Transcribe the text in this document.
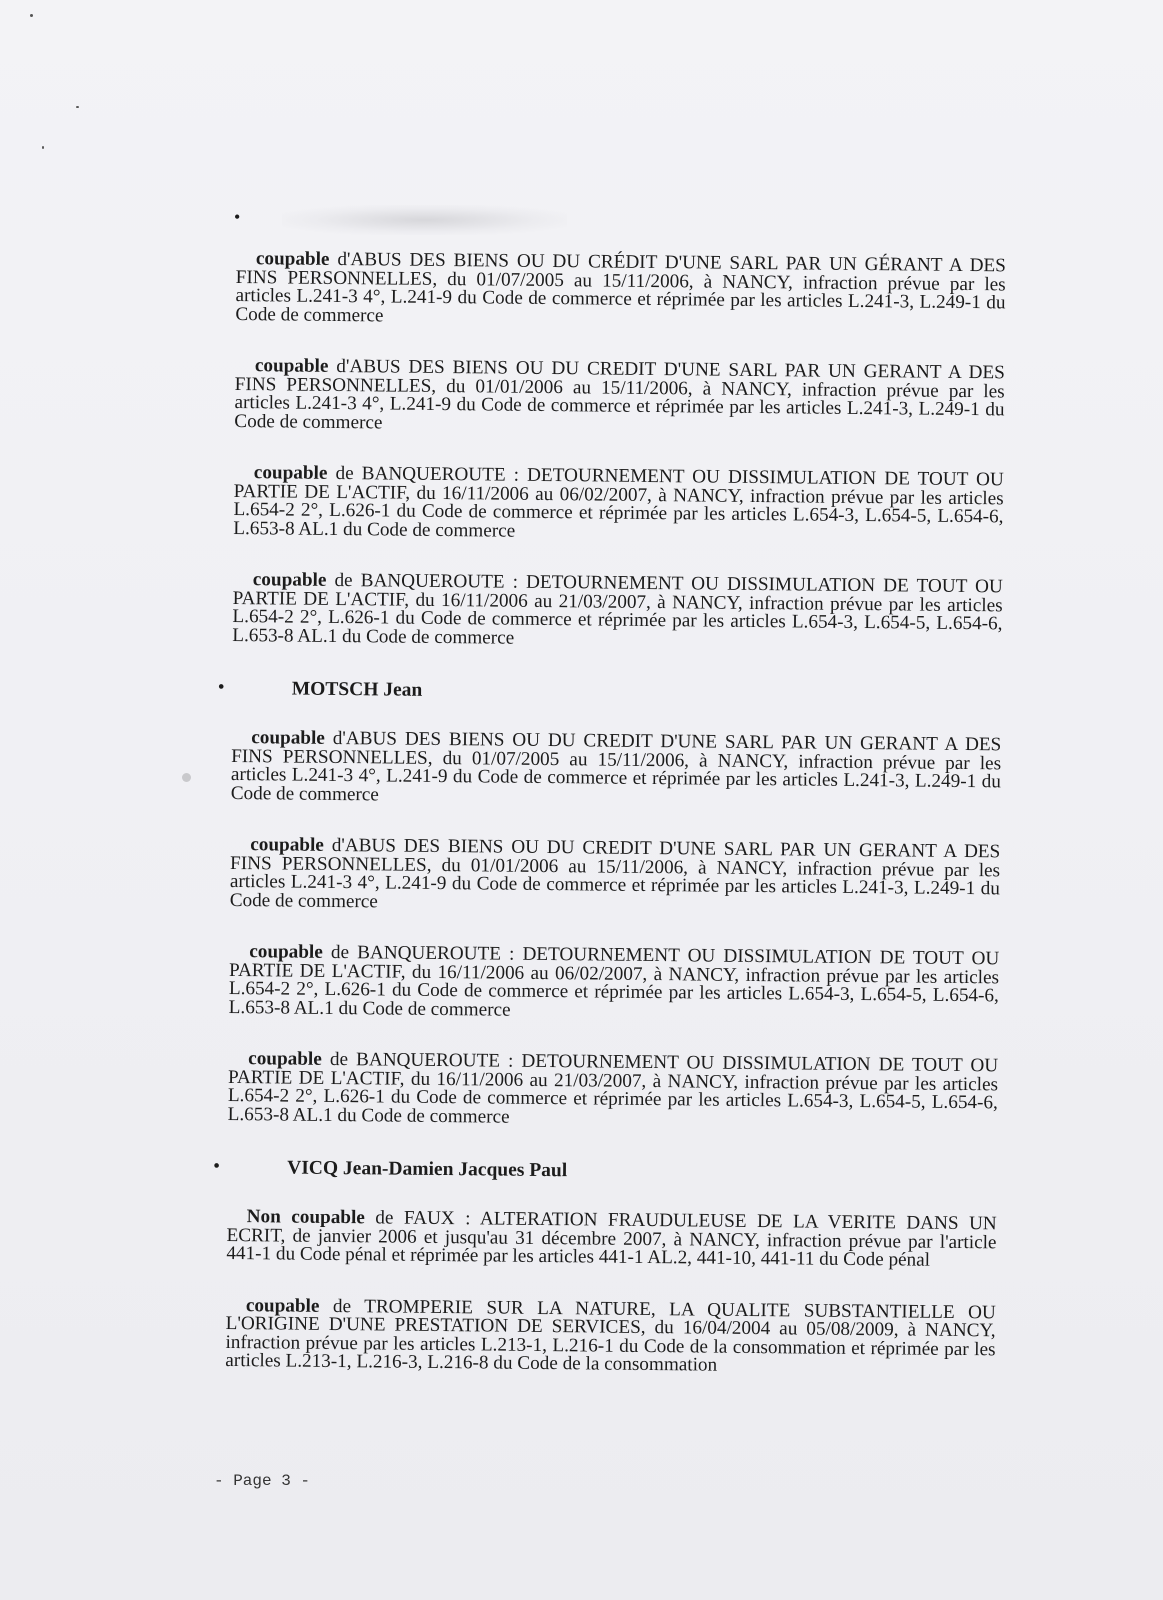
•
coupable d'ABUS DES BIENS OU DU CRÉDIT D'UNE SARL PAR UN GÉRANT A DES FINS PERSONNELLES, du 01/07/2005 au 15/11/2006, à NANCY, infraction prévue par les articles L.241-3 4°, L.241-9 du Code de commerce et réprimée par les articles L.241-3, L.249-1 du Code de commerce
coupable d'ABUS DES BIENS OU DU CREDIT D'UNE SARL PAR UN GERANT A DES FINS PERSONNELLES, du 01/01/2006 au 15/11/2006, à NANCY, infraction prévue par les articles L.241-3 4°, L.241-9 du Code de commerce et réprimée par les articles L.241-3, L.249-1 du Code de commerce
coupable de BANQUEROUTE : DETOURNEMENT OU DISSIMULATION DE TOUT OU PARTIE DE L'ACTIF, du 16/11/2006 au 06/02/2007, à NANCY, infraction prévue par les articles L.654-2 2°, L.626-1 du Code de commerce et réprimée par les articles L.654-3, L.654-5, L.654-6, L.653-8 AL.1 du Code de commerce
coupable de BANQUEROUTE : DETOURNEMENT OU DISSIMULATION DE TOUT OU PARTIE DE L'ACTIF, du 16/11/2006 au 21/03/2007, à NANCY, infraction prévue par les articles L.654-2 2°, L.626-1 du Code de commerce et réprimée par les articles L.654-3, L.654-5, L.654-6, L.653-8 AL.1 du Code de commerce
•	MOTSCH Jean
coupable d'ABUS DES BIENS OU DU CREDIT D'UNE SARL PAR UN GERANT A DES FINS PERSONNELLES, du 01/07/2005 au 15/11/2006, à NANCY, infraction prévue par les articles L.241-3 4°, L.241-9 du Code de commerce et réprimée par les articles L.241-3, L.249-1 du Code de commerce
coupable d'ABUS DES BIENS OU DU CREDIT D'UNE SARL PAR UN GERANT A DES FINS PERSONNELLES, du 01/01/2006 au 15/11/2006, à NANCY, infraction prévue par les articles L.241-3 4°, L.241-9 du Code de commerce et réprimée par les articles L.241-3, L.249-1 du Code de commerce
coupable de BANQUEROUTE : DETOURNEMENT OU DISSIMULATION DE TOUT OU PARTIE DE L'ACTIF, du 16/11/2006 au 06/02/2007, à NANCY, infraction prévue par les articles L.654-2 2°, L.626-1 du Code de commerce et réprimée par les articles L.654-3, L.654-5, L.654-6, L.653-8 AL.1 du Code de commerce
coupable de BANQUEROUTE : DETOURNEMENT OU DISSIMULATION DE TOUT OU PARTIE DE L'ACTIF, du 16/11/2006 au 21/03/2007, à NANCY, infraction prévue par les articles L.654-2 2°, L.626-1 du Code de commerce et réprimée par les articles L.654-3, L.654-5, L.654-6, L.653-8 AL.1 du Code de commerce
•	VICQ Jean-Damien Jacques Paul
Non coupable de FAUX : ALTERATION FRAUDULEUSE DE LA VERITE DANS UN ECRIT, de janvier 2006 et jusqu'au 31 décembre 2007, à NANCY, infraction prévue par l'article 441-1 du Code pénal et réprimée par les articles 441-1 AL.2, 441-10, 441-11 du Code pénal
coupable de TROMPERIE SUR LA NATURE, LA QUALITE SUBSTANTIELLE OU L'ORIGINE D'UNE PRESTATION DE SERVICES, du 16/04/2004 au 05/08/2009, à NANCY, infraction prévue par les articles L.213-1, L.216-1 du Code de la consommation et réprimée par les articles L.213-1, L.216-3, L.216-8 du Code de la consommation
- Page 3 -
